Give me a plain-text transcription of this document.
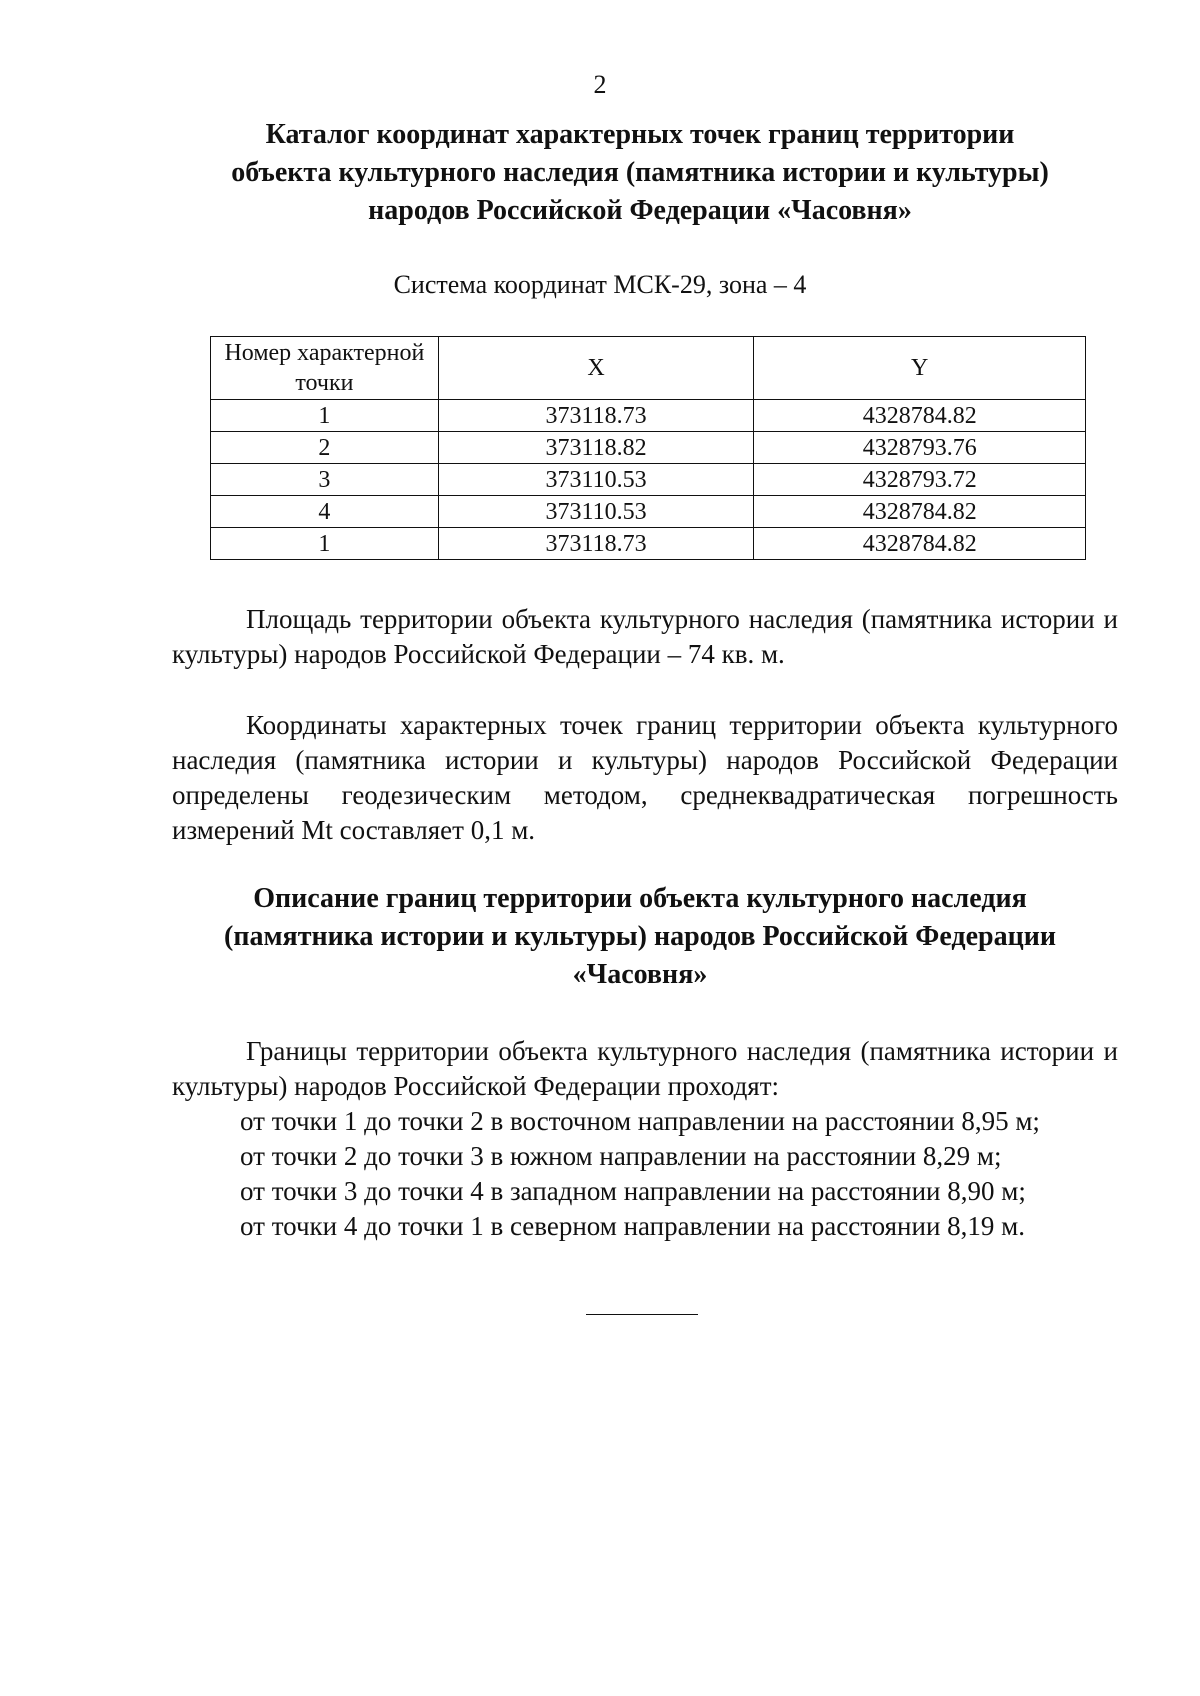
2
Каталог координат характерных точек границ территории
объекта культурного наследия (памятника истории и культуры)
народов Российской Федерации «Часовня»
Система координат МСК-29, зона – 4
Номер характерной точки	X	Y
1	373118.73	4328784.82
2	373118.82	4328793.76
3	373110.53	4328793.72
4	373110.53	4328784.82
1	373118.73	4328784.82
Площадь территории объекта культурного наследия (памятника истории и культуры) народов Российской Федерации – 74 кв. м.
Координаты характерных точек границ территории объекта культурного наследия (памятника истории и культуры) народов Российской Федерации определены геодезическим методом, среднеквадратическая погрешность измерений Mt составляет 0,1 м.
Описание границ территории объекта культурного наследия
(памятника истории и культуры) народов Российской Федерации
«Часовня»
Границы территории объекта культурного наследия (памятника истории и культуры) народов Российской Федерации проходят:
от точки 1 до точки 2 в восточном направлении на расстоянии 8,95 м;
от точки 2 до точки 3 в южном направлении на расстоянии 8,29 м;
от точки 3 до точки 4 в западном направлении на расстоянии 8,90 м;
от точки 4 до точки 1 в северном направлении на расстоянии 8,19 м.
